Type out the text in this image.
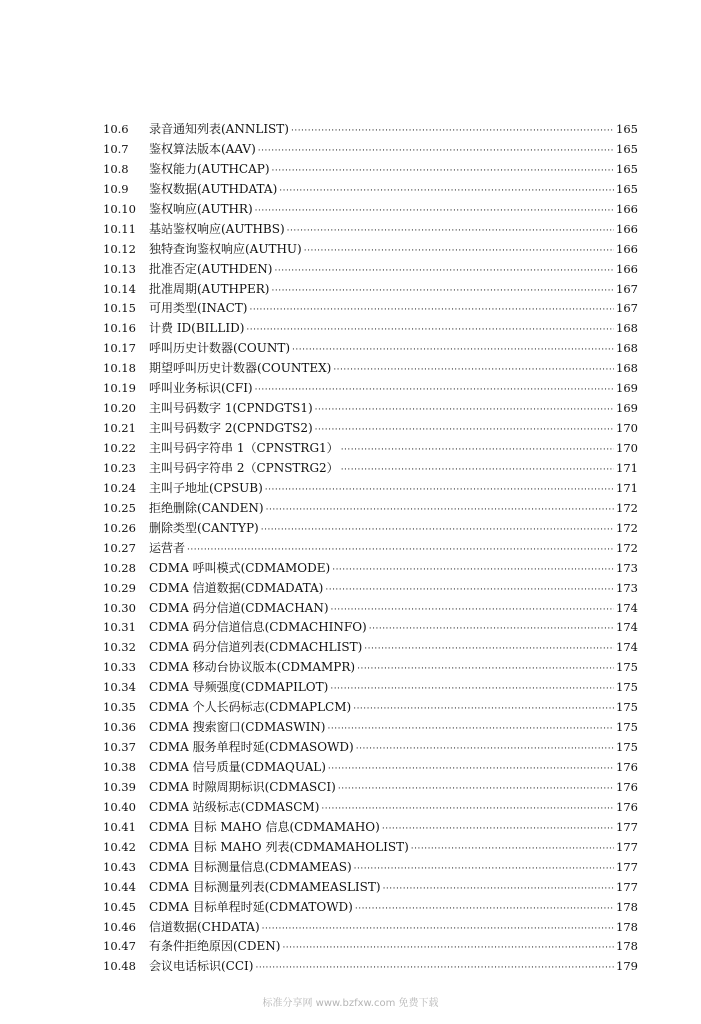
10.6	录音通知列表(ANNLIST) ·····	165
10.7	鉴权算法版本(AAV) ·····	165
10.8	鉴权能力(AUTHCAP) ·····	165
10.9	鉴权数据(AUTHDATA) ·····	165
10.10	鉴权响应(AUTHR) ·····	166
10.11	基站鉴权响应(AUTHBS) ·····	166
10.12	独特查询鉴权响应(AUTHU) ·····	166
10.13	批准否定(AUTHDEN) ·····	166
10.14	批准周期(AUTHPER) ·····	167
10.15	可用类型(INACT) ·····	167
10.16	计费 ID(BILLID) ·····	168
10.17	呼叫历史计数器(COUNT) ·····	168
10.18	期望呼叫历史计数器(COUNTEX) ·····	168
10.19	呼叫业务标识(CFI) ·····	169
10.20	主叫号码数字 1(CPNDGTS1) ·····	169
10.21	主叫号码数字 2(CPNDGTS2) ·····	170
10.22	主叫号码字符串 1（CPNSTRG1） ·····	170
10.23	主叫号码字符串 2（CPNSTRG2） ·····	171
10.24	主叫子地址(CPSUB) ·····	171
10.25	拒绝删除(CANDEN) ·····	172
10.26	删除类型(CANTYP) ·····	172
10.27	运营者 ·····	172
10.28	CDMA 呼叫模式(CDMAMODE) ·····	173
10.29	CDMA 信道数据(CDMADATA) ·····	173
10.30	CDMA 码分信道(CDMACHAN) ·····	174
10.31	CDMA 码分信道信息(CDMACHINFO) ·····	174
10.32	CDMA 码分信道列表(CDMACHLIST) ·····	174
10.33	CDMA 移动台协议版本(CDMAMPR) ·····	175
10.34	CDMA 导频强度(CDMAPILOT) ·····	175
10.35	CDMA 个人长码标志(CDMAPLCM) ·····	175
10.36	CDMA 搜索窗口(CDMASWIN) ·····	175
10.37	CDMA 服务单程时延(CDMASOWD) ·····	175
10.38	CDMA 信号质量(CDMAQUAL) ·····	176
10.39	CDMA 时隙周期标识(CDMASCI) ·····	176
10.40	CDMA 站级标志(CDMASCM) ·····	176
10.41	CDMA 目标 MAHO 信息(CDMAMAHO) ·····	177
10.42	CDMA 目标 MAHO 列表(CDMAMAHOLIST) ·····	177
10.43	CDMA 目标测量信息(CDMAMEAS) ·····	177
10.44	CDMA 目标测量列表(CDMAMEASLIST) ·····	177
10.45	CDMA 目标单程时延(CDMATOWD) ·····	178
10.46	信道数据(CHDATA) ·····	178
10.47	有条件拒绝原因(CDEN) ·····	178
10.48	会议电话标识(CCI) ·····	179
标准分享网 www.bzfxw.com 免费下载
